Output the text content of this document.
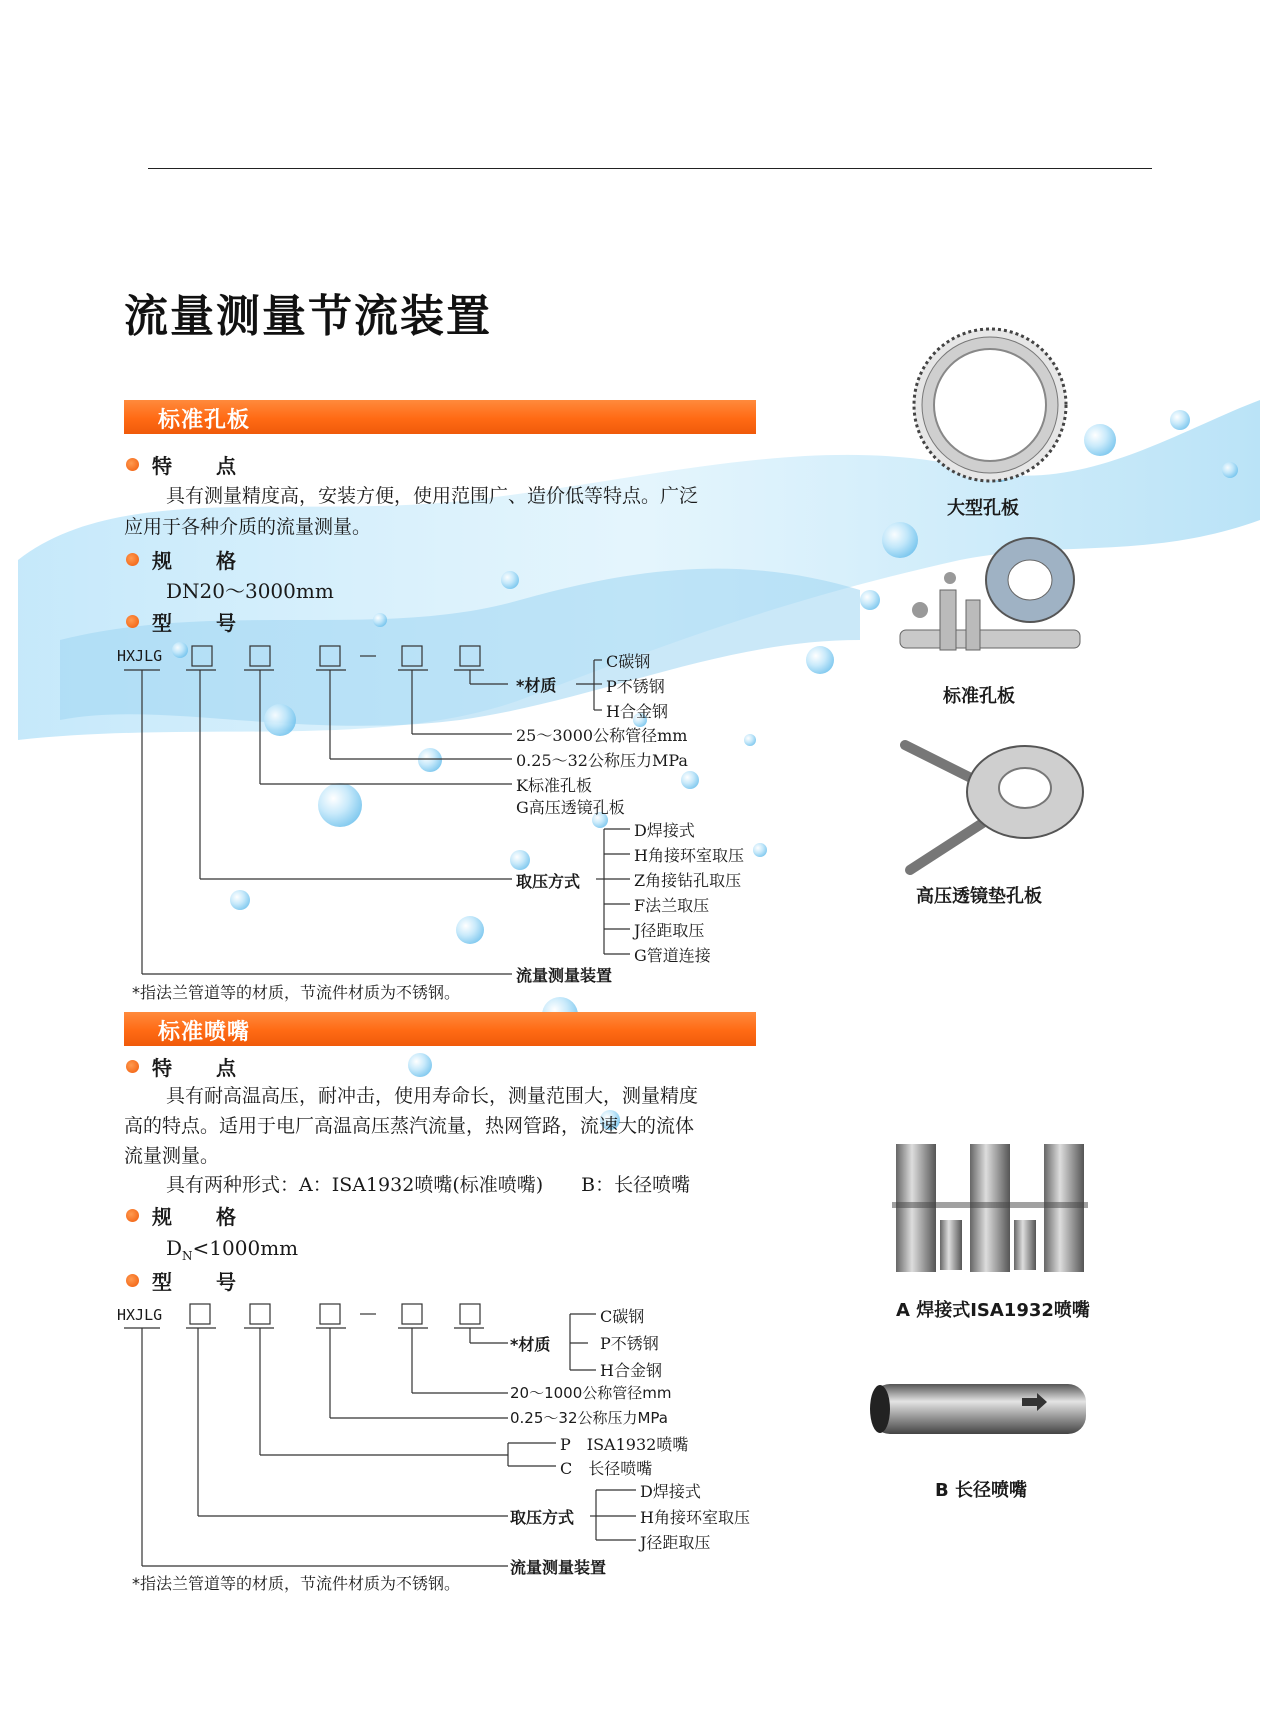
流量测量节流装置
标准孔板
特　点
具有测量精度高，安装方便，使用范围广、造价低等特点。广泛
应用于各种介质的流量测量。
规　格
DN20～3000mm
型　号
HXJLG
*材质
C碳钢
P不锈钢
H合金钢
25～3000公称管径mm
0.25～32公称压力MPa
K标准孔板
G高压透镜孔板
取压方式
D焊接式
H角接环室取压
Z角接钻孔取压
F法兰取压
J径距取压
G管道连接
流量测量装置
*指法兰管道等的材质，节流件材质为不锈钢。
标准喷嘴
特　点
具有耐高温高压，耐冲击，使用寿命长，测量范围大，测量精度
高的特点。适用于电厂高温高压蒸汽流量，热网管路，流速大的流体
流量测量。
具有两种形式：A：ISA1932喷嘴(标准喷嘴)　　B：长径喷嘴
规　格
$D_N<1000mm$
型　号
HXJLG
*材质
C碳钢
P不锈钢
H合金钢
20～1000公称管径mm
0.25～32公称压力MPa
P　ISA1932喷嘴
C　长径喷嘴
取压方式
D焊接式
H角接环室取压
J径距取压
流量测量装置
*指法兰管道等的材质，节流件材质为不锈钢。
大型孔板
标准孔板
高压透镜垫孔板
A 焊接式ISA1932喷嘴
B 长径喷嘴
